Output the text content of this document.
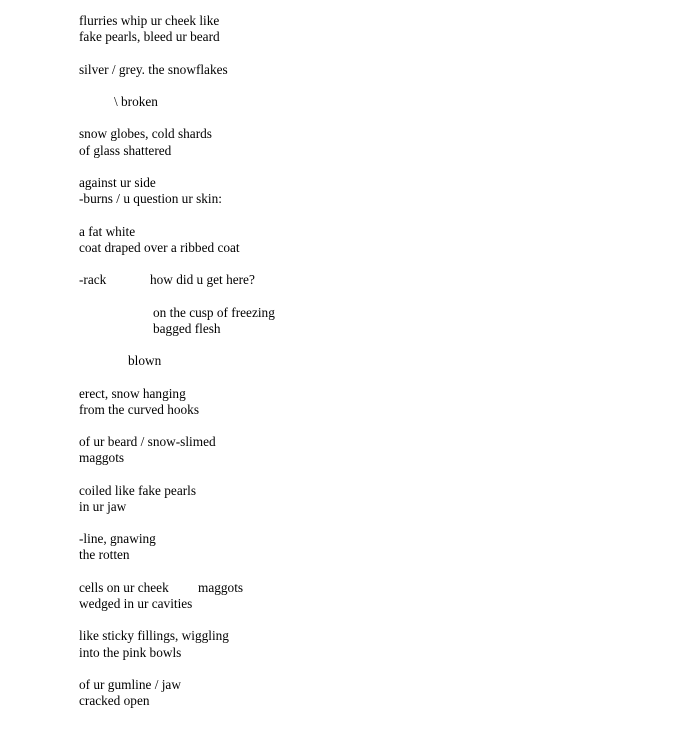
flurries whip ur cheek like
fake pearls, bleed ur beard
silver / grey. the snowflakes
\ broken
snow globes, cold shards
of glass shattered
against ur side
-burns / u question ur skin:
a fat white
coat draped over a ribbed coat
-rack	how did u get here?
on the cusp of freezing
bagged flesh
blown
erect, snow hanging
from the curved hooks
of ur beard / snow-slimed
maggots
coiled like fake pearls
in ur jaw
-line, gnawing
the rotten
cells on ur cheek maggots
wedged in ur cavities
like sticky fillings, wiggling
into the pink bowls
of ur gumline / jaw
cracked open
